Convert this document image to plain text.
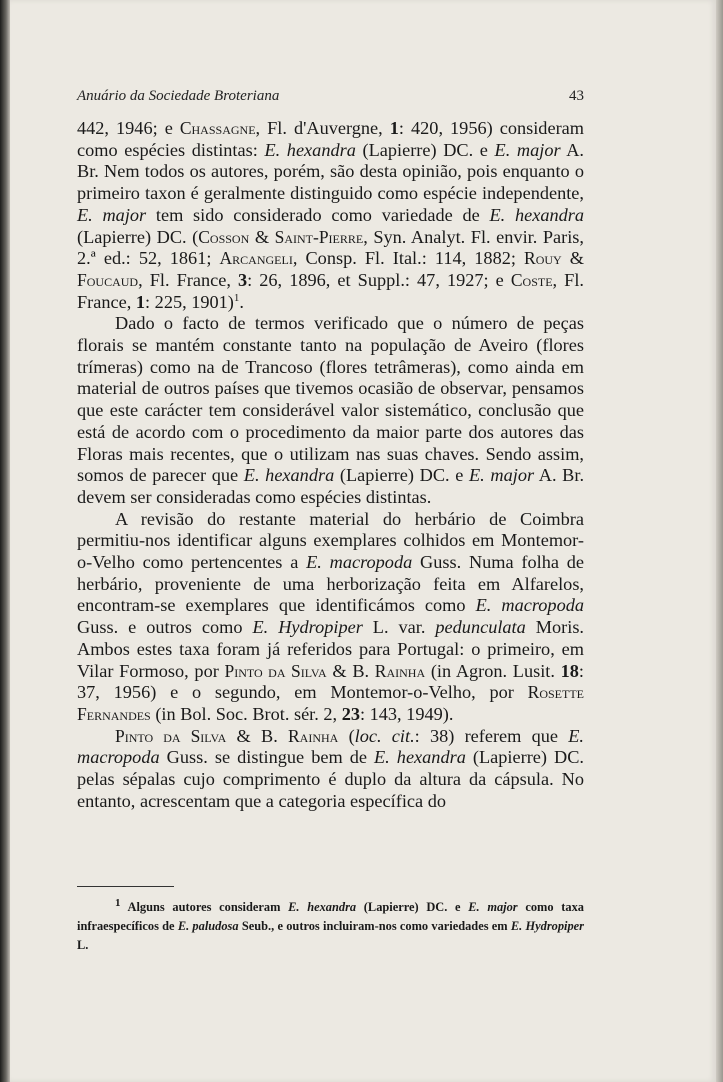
Anuário da Sociedade Broteriana	43

442, 1946; e Chassagne, Fl. d'Auvergne, 1: 420, 1956) consideram como espécies distintas: E. hexandra (Lapierre) DC. e E. major A. Br. Nem todos os autores, porém, são desta opinião, pois enquanto o primeiro taxon é geralmente distinguido como espécie independente, E. major tem sido considerado como variedade de E. hexandra (Lapierre) DC. (Cosson & Saint-Pierre, Syn. Analyt. Fl. envir. Paris, 2.ª ed.: 52, 1861; Arcangeli, Consp. Fl. Ital.: 114, 1882; Rouy & Foucaud, Fl. France, 3: 26, 1896, et Suppl.: 47, 1927; e Coste, Fl. France, 1: 225, 1901)$^1$.

Dado o facto de termos verificado que o número de peças florais se mantém constante tanto na população de Aveiro (flores trímeras) como na de Trancoso (flores tetrâmeras), como ainda em material de outros países que tivemos ocasião de observar, pensamos que este carácter tem considerável valor sistemático, conclusão que está de acordo com o procedimento da maior parte dos autores das Floras mais recentes, que o utilizam nas suas chaves. Sendo assim, somos de parecer que E. hexandra (Lapierre) DC. e E. major A. Br. devem ser consideradas como espécies distintas.

A revisão do restante material do herbário de Coimbra permitiu-nos identificar alguns exemplares colhidos em Montemor-o-Velho como pertencentes a E. macropoda Guss. Numa folha de herbário, proveniente de uma herborização feita em Alfarelos, encontram-se exemplares que identificámos como E. macropoda Guss. e outros como E. Hydropiper L. var. pedunculata Moris. Ambos estes taxa foram já referidos para Portugal: o primeiro, em Vilar Formoso, por Pinto da Silva & B. Rainha (in Agron. Lusit. 18: 37, 1956) e o segundo, em Montemor-o-Velho, por Rosette Fernandes (in Bol. Soc. Brot. sér. 2, 23: 143, 1949).

Pinto da Silva & B. Rainha (loc. cit.: 38) referem que E. macropoda Guss. se distingue bem de E. hexandra (Lapierre) DC. pelas sépalas cujo comprimento é duplo da altura da cápsula. No entanto, acrescentam que a categoria específica do

$^1$ Alguns autores consideram E. hexandra (Lapierre) DC. e E. major como taxa infraespecíficos de E. paludosa Seub., e outros incluiram-nos como variedades em E. Hydropiper L.
